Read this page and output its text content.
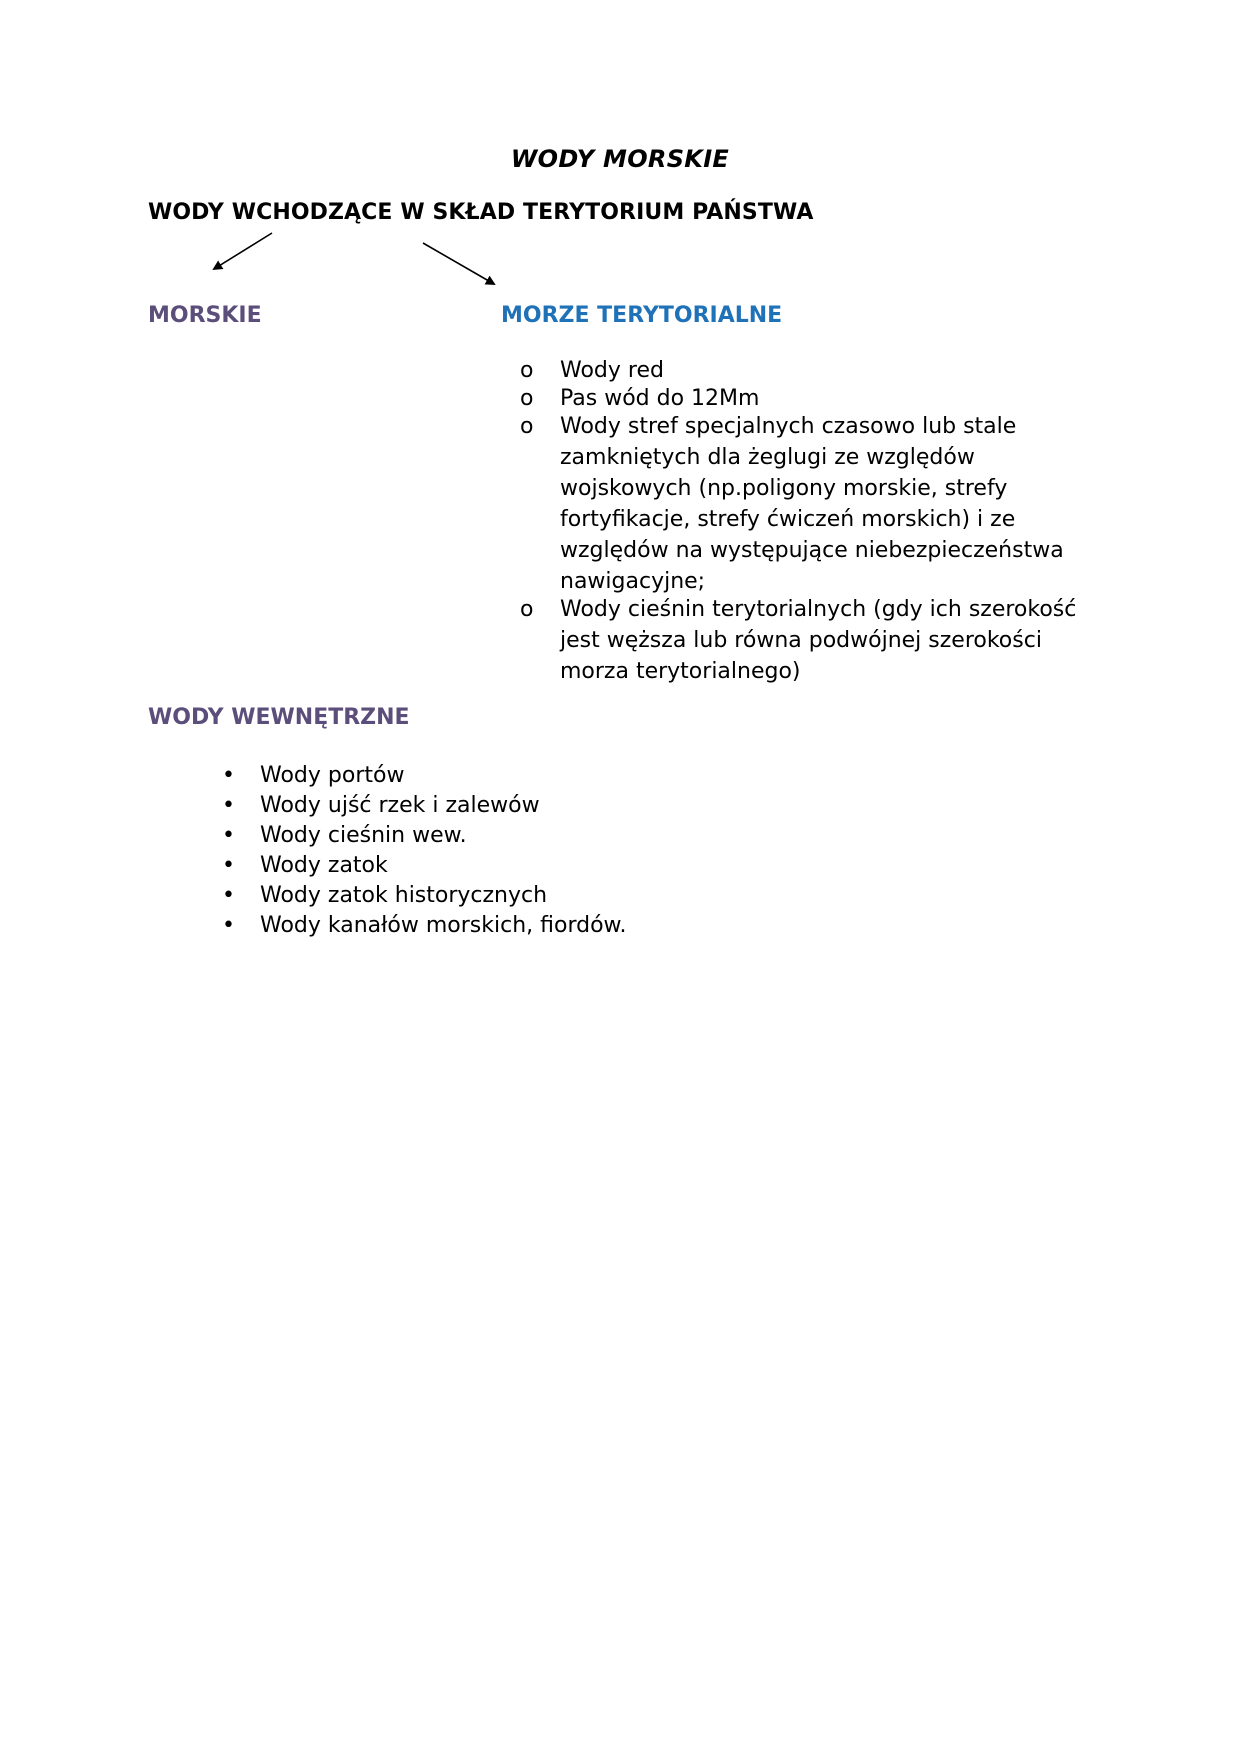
WODY MORSKIE
WODY WCHODZĄCE W SKŁAD TERYTORIUM PAŃSTWA
MORSKIE	MORZE TERYTORIALNE
o Wody red
o Pas wód do 12Mm
o Wody stref specjalnych czasowo lub stale zamkniętych dla żeglugi ze względów wojskowych (np.poligony morskie, strefy fortyfikacje, strefy ćwiczeń morskich) i ze względów na występujące niebezpieczeństwa nawigacyjne;
o Wody cieśnin terytorialnych (gdy ich szerokość jest węższa lub równa podwójnej szerokości morza terytorialnego)
WODY WEWNĘTRZNE
• Wody portów
• Wody ujść rzek i zalewów
• Wody cieśnin wew.
• Wody zatok
• Wody zatok historycznych
• Wody kanałów morskich, fiordów.
